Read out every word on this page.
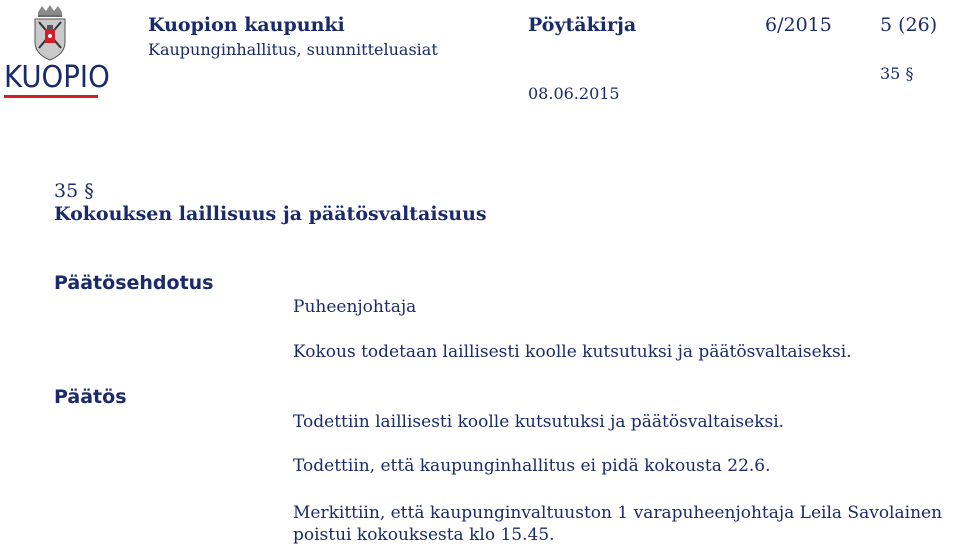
KUOPIO
Kuopion kaupunki
Kaupunginhallitus, suunnitteluasiat
Pöytäkirja	6/2015	5 (26)
35 §
08.06.2015
35 §
Kokouksen laillisuus ja päätösvaltaisuus
Päätösehdotus
Puheenjohtaja
Kokous todetaan laillisesti koolle kutsutuksi ja päätösvaltaiseksi.
Päätös
Todettiin laillisesti koolle kutsutuksi ja päätösvaltaiseksi.
Todettiin, että kaupunginhallitus ei pidä kokousta 22.6.
Merkittiin, että kaupunginvaltuuston 1 varapuheenjohtaja Leila Savolainen
poistui kokouksesta klo 15.45.
